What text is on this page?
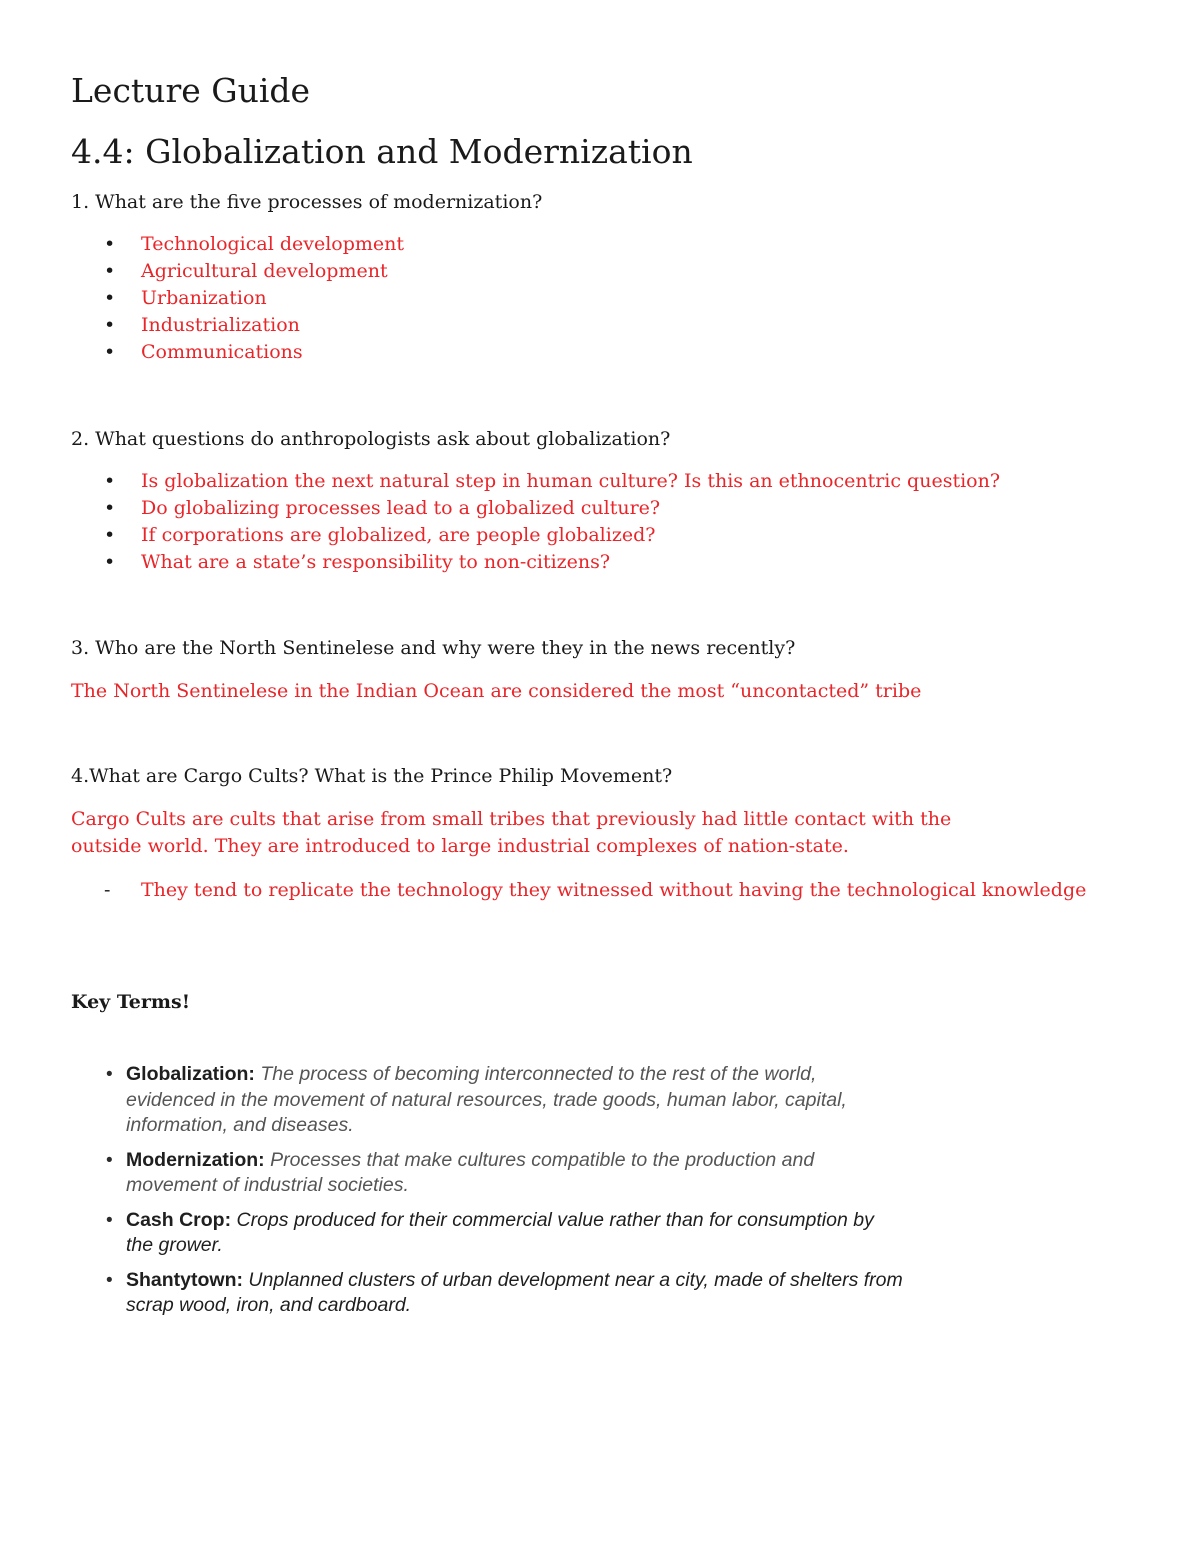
Lecture Guide
4.4: Globalization and Modernization

1. What are the five processes of modernization?

• Technological development
• Agricultural development
• Urbanization
• Industrialization
• Communications

2. What questions do anthropologists ask about globalization?

• Is globalization the next natural step in human culture? Is this an ethnocentric question?
• Do globalizing processes lead to a globalized culture?
• If corporations are globalized, are people globalized?
• What are a state’s responsibility to non-citizens?

3. Who are the North Sentinelese and why were they in the news recently?

The North Sentinelese in the Indian Ocean are considered the most “uncontacted” tribe

4.What are Cargo Cults? What is the Prince Philip Movement?

Cargo Cults are cults that arise from small tribes that previously had little contact with the

outside world. They are introduced to large industrial complexes of nation-state.

-	They tend to replicate the technology they witnessed without having the technological knowledge

Key Terms!

• Globalization: The process of becoming interconnected to the rest of the world, evidenced in the movement of natural resources, trade goods, human labor, capital, information, and diseases.
• Modernization: Processes that make cultures compatible to the production and movement of industrial societies.
• Cash Crop: Crops produced for their commercial value rather than for consumption by the grower.
• Shantytown: Unplanned clusters of urban development near a city, made of shelters from scrap wood, iron, and cardboard.
